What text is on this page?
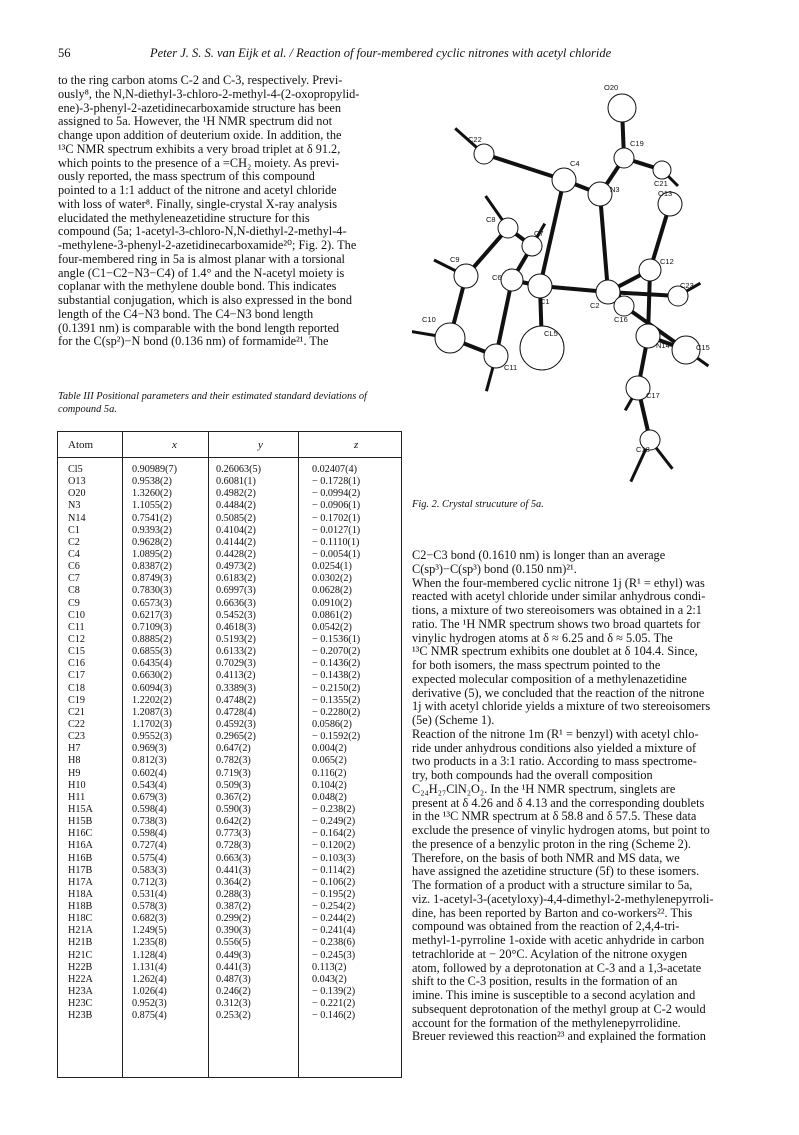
56	Peter J. S. S. van Eijk et al. / Reaction of four-membered cyclic nitrones with acetyl chloride

to the ring carbon atoms C-2 and C-3, respectively. Previ-

ously⁸, the N,N-diethyl-3-chloro-2-methyl-4-(2-oxopropylid-

ene)-3-phenyl-2-azetidinecarboxamide structure has been

assigned to 5a. However, the ¹H NMR spectrum did not

change upon addition of deuterium oxide. In addition, the

¹³C NMR spectrum exhibits a very broad triplet at δ 91.2,

which points to the presence of a =CH₂ moiety. As previ-

ously reported, the mass spectrum of this compound

pointed to a 1:1 adduct of the nitrone and acetyl chloride

with loss of water⁸. Finally, single-crystal X-ray analysis

elucidated the methyleneazetidine structure for this

compound (5a; 1-acetyl-3-chloro-N,N-diethyl-2-methyl-4-

-methylene-3-phenyl-2-azetidinecarboxamide²⁰; Fig. 2). The

four-membered ring in 5a is almost planar with a torsional

angle (C1−C2−N3−C4) of 1.4° and the N-acetyl moiety is

coplanar with the methylene double bond. This indicates

substantial conjugation, which is also expressed in the bond

length of the C4−N3 bond. The C4−N3 bond length

(0.1391 nm) is comparable with the bond length reported

for the C(sp²)−N bond (0.136 nm) of formamide²¹. The

Table III Positional parameters and their estimated standard deviations of compound 5a.
Atom	x	y	z
Cl5	0.90989(7)	0.26063(5)	0.02407(4)
O13	0.9538(2)	0.6081(1)	− 0.1728(1)
O20	1.3260(2)	0.4982(2)	− 0.0994(2)
N3	1.1055(2)	0.4484(2)	− 0.0906(1)
N14	0.7541(2)	0.5085(2)	− 0.1702(1)
C1	0.9393(2)	0.4104(2)	− 0.0127(1)
C2	0.9628(2)	0.4144(2)	− 0.1110(1)
C4	1.0895(2)	0.4428(2)	− 0.0054(1)
C6	0.8387(2)	0.4973(2)	0.0254(1)
C7	0.8749(3)	0.6183(2)	0.0302(2)
C8	0.7830(3)	0.6997(3)	0.0628(2)
C9	0.6573(3)	0.6636(3)	0.0910(2)
C10	0.6217(3)	0.5452(3)	0.0861(2)
C11	0.7109(3)	0.4618(3)	0.0542(2)
C12	0.8885(2)	0.5193(2)	− 0.1536(1)
C15	0.6855(3)	0.6133(2)	− 0.2070(2)
C16	0.6435(4)	0.7029(3)	− 0.1436(2)
C17	0.6630(2)	0.4113(2)	− 0.1438(2)
C18	0.6094(3)	0.3389(3)	− 0.2150(2)
C19	1.2202(2)	0.4748(2)	− 0.1355(2)
C21	1.2087(3)	0.4728(4)	− 0.2280(2)
C22	1.1702(3)	0.4592(3)	0.0586(2)
C23	0.9552(3)	0.2965(2)	− 0.1592(2)
H7	0.969(3)	0.647(2)	0.004(2)
H8	0.812(3)	0.782(3)	0.065(2)
H9	0.602(4)	0.719(3)	0.116(2)
H10	0.543(4)	0.509(3)	0.104(2)
H11	0.679(3)	0.367(2)	0.048(2)
H15A	0.598(4)	0.590(3)	− 0.238(2)
H15B	0.738(3)	0.642(2)	− 0.249(2)
H16C	0.598(4)	0.773(3)	− 0.164(2)
H16A	0.727(4)	0.728(3)	− 0.120(2)
H16B	0.575(4)	0.663(3)	− 0.103(3)
H17B	0.583(3)	0.441(3)	− 0.114(2)
H17A	0.712(3)	0.364(2)	− 0.106(2)
H18A	0.531(4)	0.288(3)	− 0.195(2)
H18B	0.578(3)	0.387(2)	− 0.254(2)
H18C	0.682(3)	0.299(2)	− 0.244(2)
H21A	1.249(5)	0.390(3)	− 0.241(4)
H21B	1.235(8)	0.556(5)	− 0.238(6)
H21C	1.128(4)	0.449(3)	− 0.245(3)
H22B	1.131(4)	0.441(3)	0.113(2)
H22A	1.262(4)	0.487(3)	0.043(2)
H23A	1.026(4)	0.246(2)	− 0.139(2)
H23C	0.952(3)	0.312(3)	− 0.221(2)
H23B	0.875(4)	0.253(2)	− 0.146(2)
O20
C22	C19
C4
C21
N3	O13
C8
C7
C9
C6
C12
C1	C2
C23
C16
C10
CL5
C11
N14	C15
C17
C18
Fig. 2. Crystal strucuture of 5a.

C2−C3 bond (0.1610 nm) is longer than an average

C(sp³)−C(sp³) bond (0.150 nm)²¹.

When the four-membered cyclic nitrone 1j (R¹ = ethyl) was

reacted with acetyl chloride under similar anhydrous condi-

tions, a mixture of two stereoisomers was obtained in a 2:1

ratio. The ¹H NMR spectrum shows two broad quartets for

vinylic hydrogen atoms at δ ≈ 6.25 and δ ≈ 5.05. The

¹³C NMR spectrum exhibits one doublet at δ 104.4. Since,

for both isomers, the mass spectrum pointed to the

expected molecular composition of a methylenazetidine

derivative (5), we concluded that the reaction of the nitrone

1j with acetyl chloride yields a mixture of two stereoisomers

(5e) (Scheme 1).

Reaction of the nitrone 1m (R¹ = benzyl) with acetyl chlo-

ride under anhydrous conditions also yielded a mixture of

two products in a 3:1 ratio. According to mass spectrome-

try, both compounds had the overall composition

C₂₄H₂₇ClN₂O₂. In the ¹H NMR spectrum, singlets are

present at δ 4.26 and δ 4.13 and the corresponding doublets

in the ¹³C NMR spectrum at δ 58.8 and δ 57.5. These data

exclude the presence of vinylic hydrogen atoms, but point to

the presence of a benzylic proton in the ring (Scheme 2).

Therefore, on the basis of both NMR and MS data, we

have assigned the azetidine structure (5f) to these isomers.

The formation of a product with a structure similar to 5a,

viz. 1-acetyl-3-(acetyloxy)-4,4-dimethyl-2-methylenepyrroli-

dine, has been reported by Barton and co-workers²². This

compound was obtained from the reaction of 2,4,4-tri-

methyl-1-pyrroline 1-oxide with acetic anhydride in carbon

tetrachloride at − 20°C. Acylation of the nitrone oxygen

atom, followed by a deprotonation at C-3 and a 1,3-acetate

shift to the C-3 position, results in the formation of an

imine. This imine is susceptible to a second acylation and

subsequent deprotonation of the methyl group at C-2 would

account for the formation of the methylenepyrrolidine.

Breuer reviewed this reaction²³ and explained the formation
